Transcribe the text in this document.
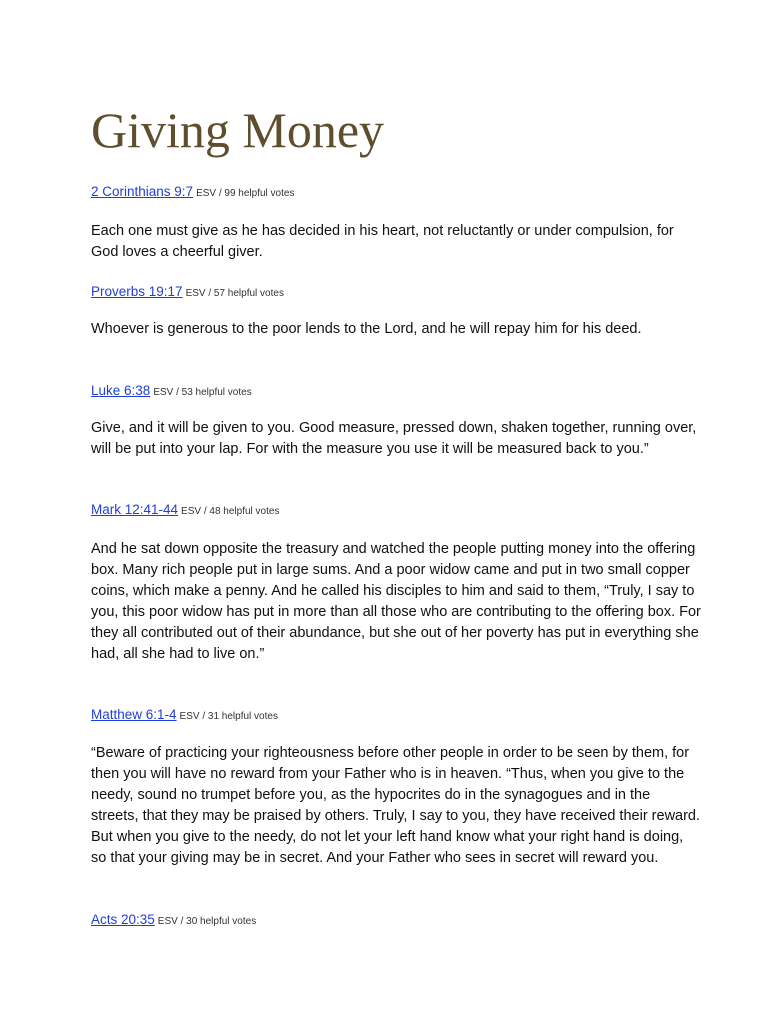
Giving Money
2 Corinthians 9:7 ESV / 99 helpful votes

Each one must give as he has decided in his heart, not reluctantly or under compulsion, for God loves a cheerful giver.

Proverbs 19:17 ESV / 57 helpful votes

Whoever is generous to the poor lends to the Lord, and he will repay him for his deed.

Luke 6:38 ESV / 53 helpful votes

Give, and it will be given to you. Good measure, pressed down, shaken together, running over, will be put into your lap. For with the measure you use it will be measured back to you.”

Mark 12:41-44 ESV / 48 helpful votes

And he sat down opposite the treasury and watched the people putting money into the offering box. Many rich people put in large sums. And a poor widow came and put in two small copper coins, which make a penny. And he called his disciples to him and said to them, “Truly, I say to you, this poor widow has put in more than all those who are contributing to the offering box. For they all contributed out of their abundance, but she out of her poverty has put in everything she had, all she had to live on.”

Matthew 6:1-4 ESV / 31 helpful votes

“Beware of practicing your righteousness before other people in order to be seen by them, for then you will have no reward from your Father who is in heaven. “Thus, when you give to the needy, sound no trumpet before you, as the hypocrites do in the synagogues and in the streets, that they may be praised by others. Truly, I say to you, they have received their reward. But when you give to the needy, do not let your left hand know what your right hand is doing, so that your giving may be in secret. And your Father who sees in secret will reward you.

Acts 20:35 ESV / 30 helpful votes
